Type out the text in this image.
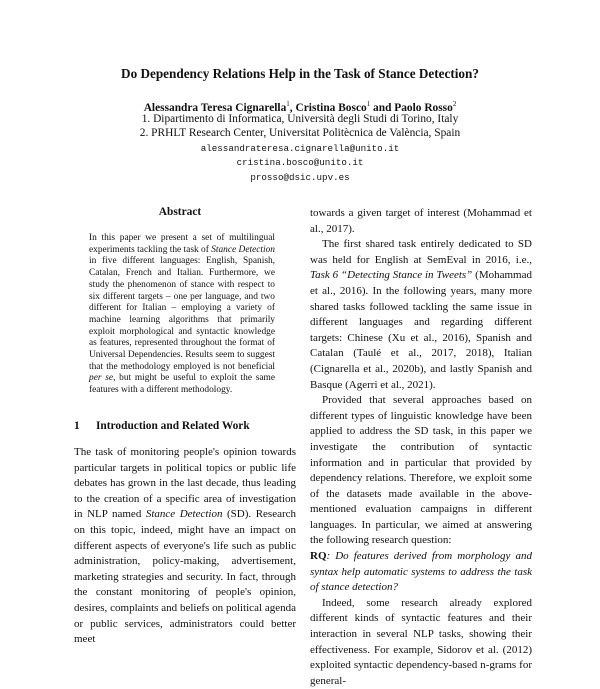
Do Dependency Relations Help in the Task of Stance Detection?
Alessandra Teresa Cignarella$^1$, Cristina Bosco$^1$ and Paolo Rosso$^2$
1. Dipartimento di Informatica, Università degli Studi di Torino, Italy
2. PRHLT Research Center, Universitat Politècnica de València, Spain
alessandrateresa.cignarella@unito.it
cristina.bosco@unito.it
prosso@dsic.upv.es
Abstract
In this paper we present a set of multilingual experiments tackling the task of Stance Detection in five different languages: English, Spanish, Catalan, French and Italian. Furthermore, we study the phenomenon of stance with respect to six different targets – one per language, and two different for Italian – employing a variety of machine learning algorithms that primarily exploit morphological and syntactic knowledge as features, represented throughout the format of Universal Dependencies. Results seem to suggest that the methodology employed is not beneficial per se, but might be useful to exploit the same features with a different methodology.
1 Introduction and Related Work

The task of monitoring people's opinion towards particular targets in political topics or public life debates has grown in the last decade, thus leading to the creation of a specific area of investigation in NLP named Stance Detection (SD). Research on this topic, indeed, might have an impact on different aspects of everyone's life such as public administration, policy-making, advertisement, marketing strategies and security. In fact, through the constant monitoring of people's opinion, desires, complaints and beliefs on political agenda or public services, administrators could better meet

towards a given target of interest (Mohammad et al., 2017).

The first shared task entirely dedicated to SD was held for English at SemEval in 2016, i.e., Task 6 “Detecting Stance in Tweets” (Mohammad et al., 2016). In the following years, many more shared tasks followed tackling the same issue in different languages and regarding different targets: Chinese (Xu et al., 2016), Spanish and Catalan (Taulé et al., 2017, 2018), Italian (Cignarella et al., 2020b), and lastly Spanish and Basque (Agerri et al., 2021).

Provided that several approaches based on different types of linguistic knowledge have been applied to address the SD task, in this paper we investigate the contribution of syntactic information and in particular that provided by dependency relations. Therefore, we exploit some of the datasets made available in the above-mentioned evaluation campaigns in different languages. In particular, we aimed at answering the following research question:

RQ: Do features derived from morphology and syntax help automatic systems to address the task of stance detection?

Indeed, some research already explored different kinds of syntactic features and their interaction in several NLP tasks, showing their effectiveness. For example, Sidorov et al. (2012) exploited syntactic dependency-based n-grams for general-
